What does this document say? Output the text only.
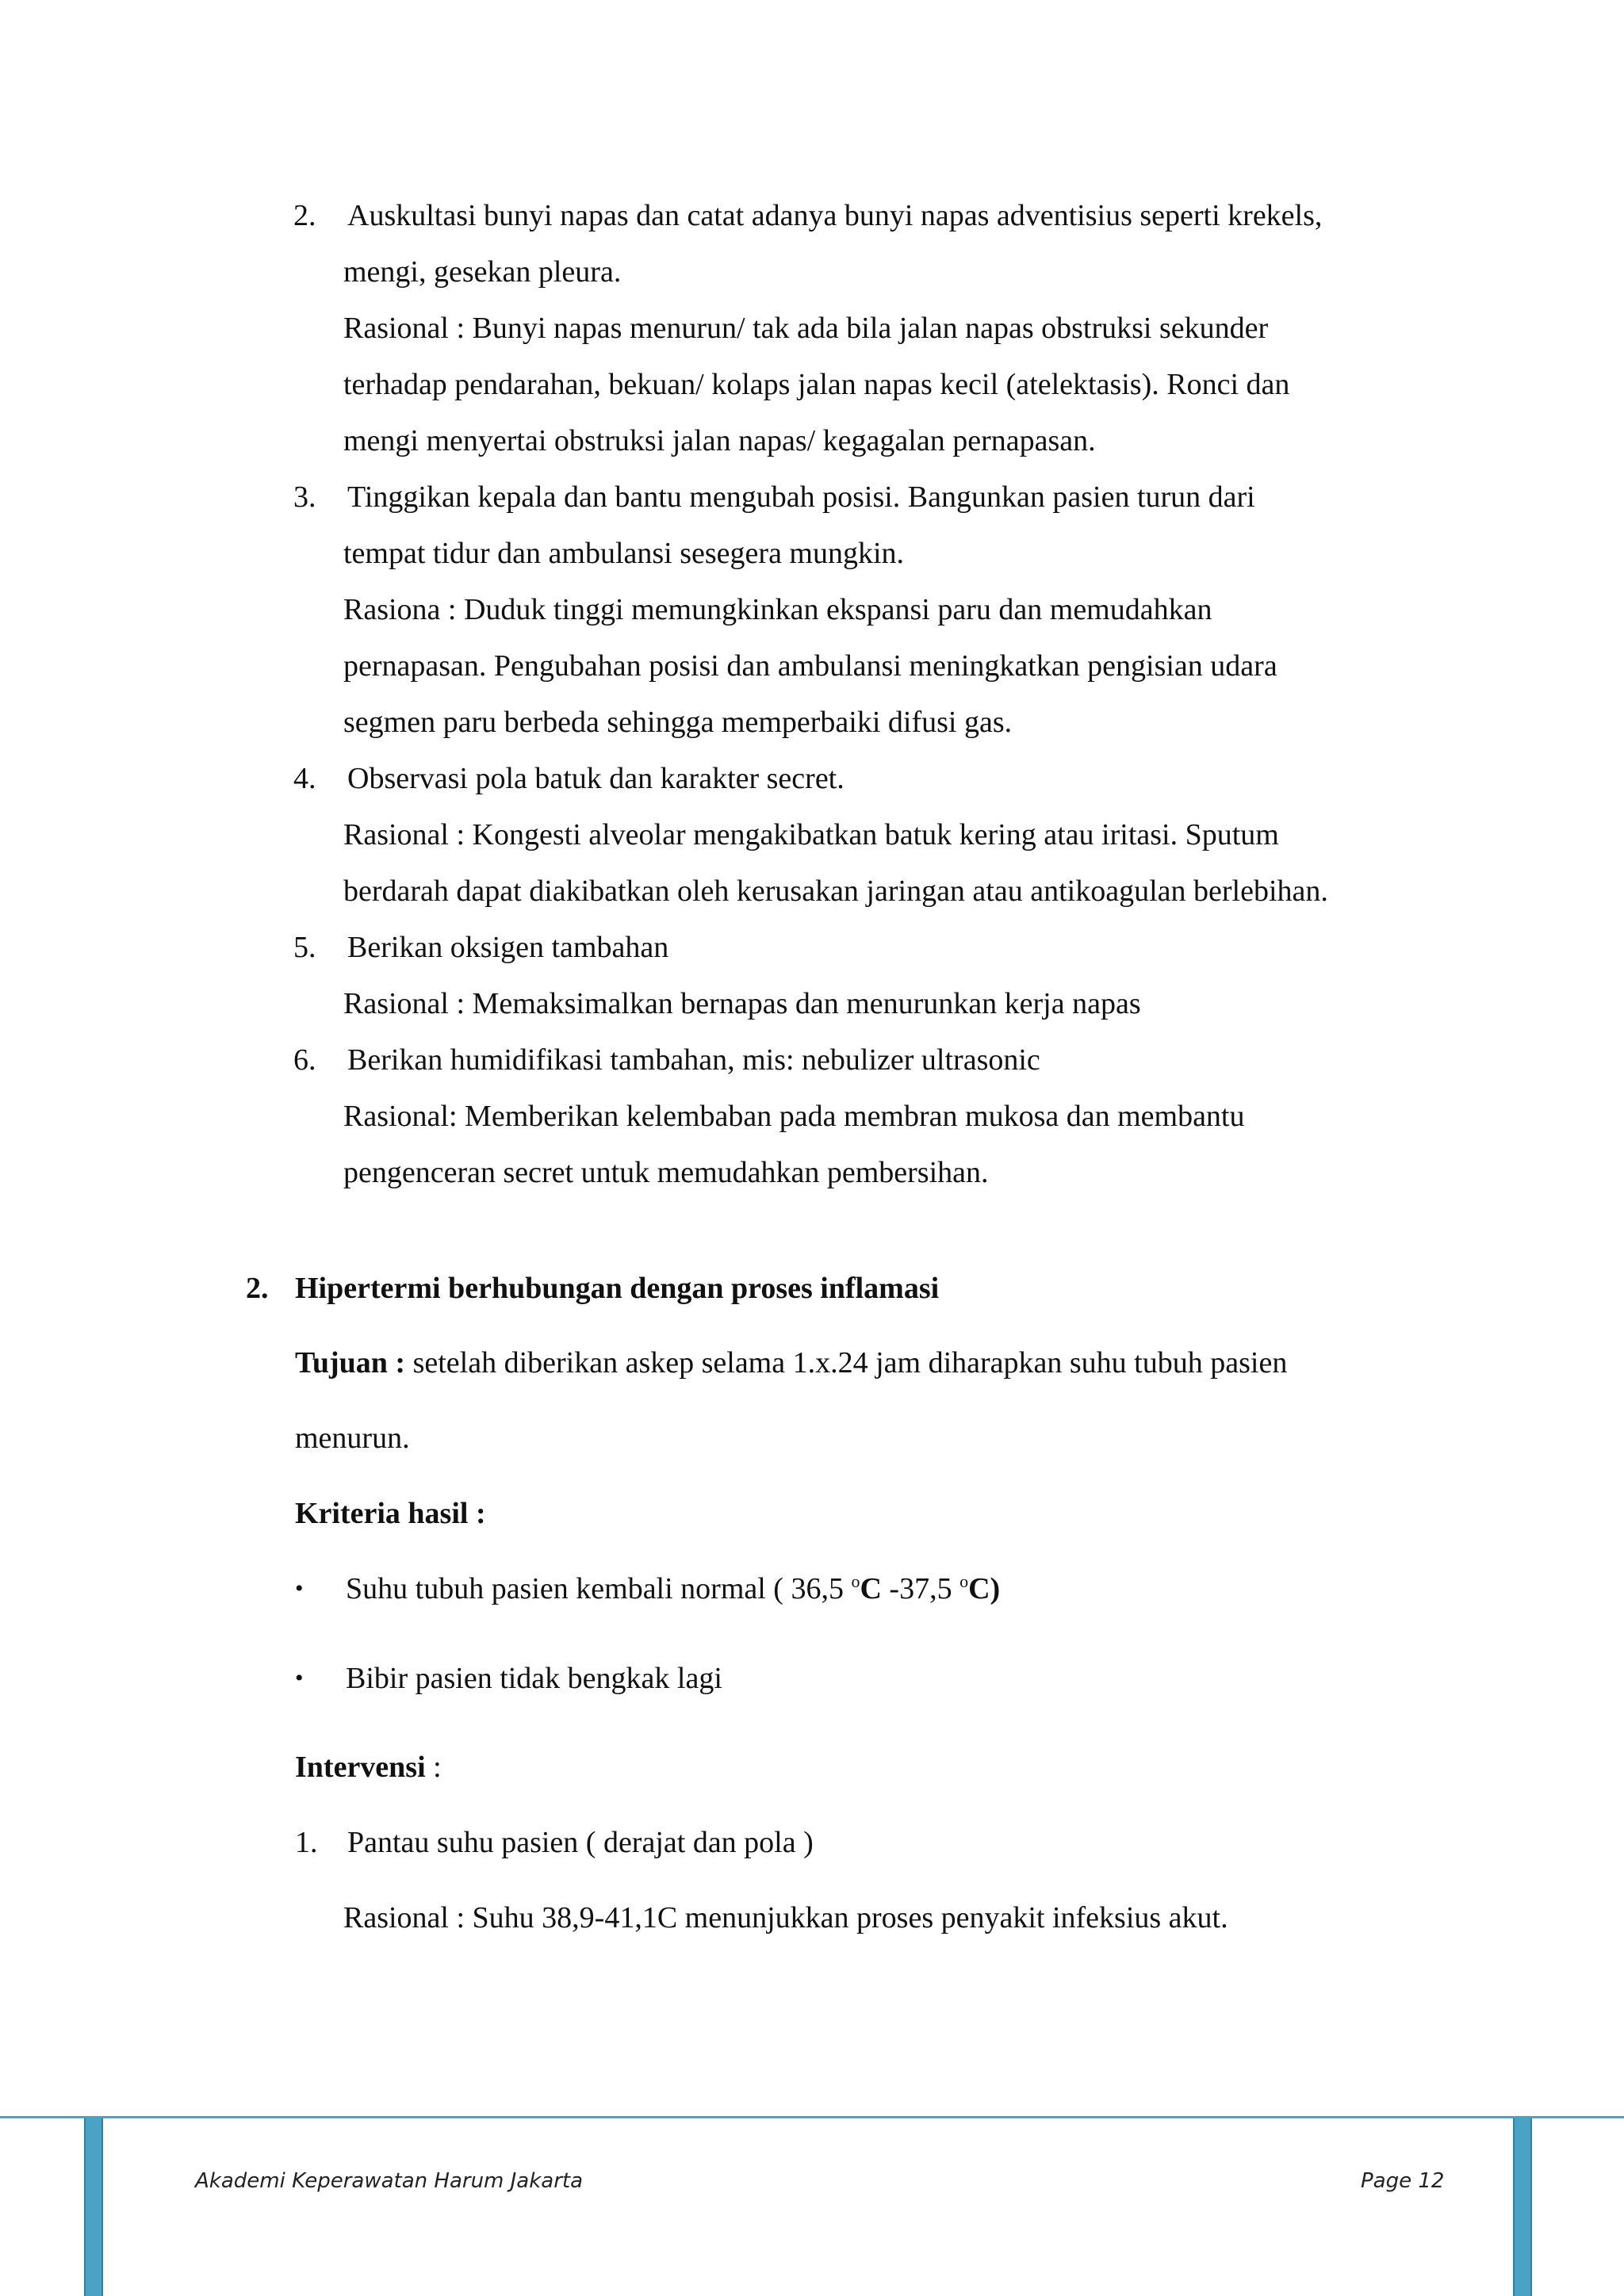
2. Auskultasi bunyi napas dan catat adanya bunyi napas adventisius seperti krekels,
mengi, gesekan pleura.
Rasional : Bunyi napas menurun/ tak ada bila jalan napas obstruksi sekunder
terhadap pendarahan, bekuan/ kolaps jalan napas kecil (atelektasis). Ronci dan
mengi menyertai obstruksi jalan napas/ kegagalan pernapasan.
3. Tinggikan kepala dan bantu mengubah posisi. Bangunkan pasien turun dari
tempat tidur dan ambulansi sesegera mungkin.
Rasiona : Duduk tinggi memungkinkan ekspansi paru dan memudahkan
pernapasan. Pengubahan posisi dan ambulansi meningkatkan pengisian udara
segmen paru berbeda sehingga memperbaiki difusi gas.
4. Observasi pola batuk dan karakter secret.
Rasional : Kongesti alveolar mengakibatkan batuk kering atau iritasi. Sputum
berdarah dapat diakibatkan oleh kerusakan jaringan atau antikoagulan berlebihan.
5. Berikan oksigen tambahan
Rasional : Memaksimalkan bernapas dan menurunkan kerja napas
6. Berikan humidifikasi tambahan, mis: nebulizer ultrasonic
Rasional: Memberikan kelembaban pada membran mukosa dan membantu
pengenceran secret untuk memudahkan pembersihan.
2. Hipertermi berhubungan dengan proses inflamasi
Tujuan : setelah diberikan askep selama 1.x.24 jam diharapkan suhu tubuh pasien
menurun.
Kriteria hasil :
• Suhu tubuh pasien kembali normal ( 36,5 $^o$C -37,5 $^o$C)
• Bibir pasien tidak bengkak lagi
Intervensi :
1. Pantau suhu pasien ( derajat dan pola )
Rasional : Suhu 38,9-41,1C menunjukkan proses penyakit infeksius akut.
Akademi Keperawatan Harum Jakarta	Page 12
